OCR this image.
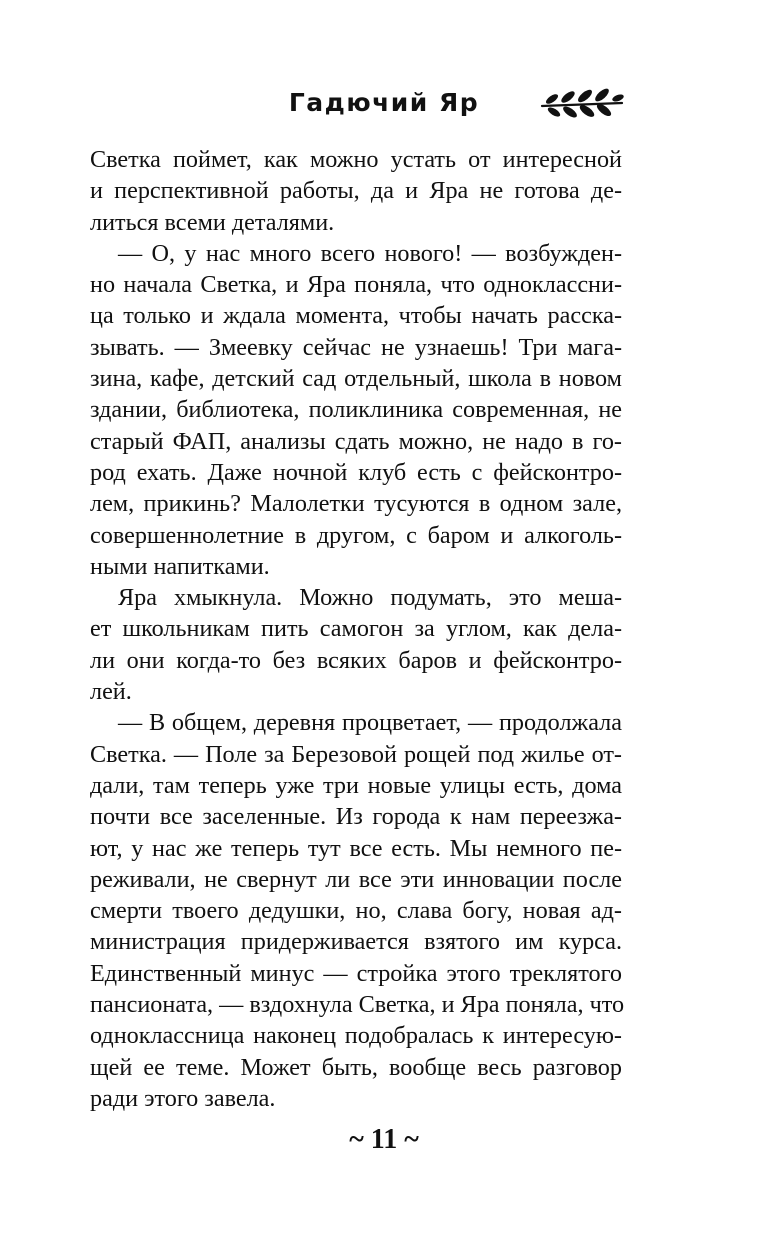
Гадючий Яр
Светка поймет, как можно устать от интересной
и перспективной работы, да и Яра не готова де-
литься всеми деталями.
— О, у нас много всего нового! — возбужден-
но начала Светка, и Яра поняла, что одноклассни-
ца только и ждала момента, чтобы начать расска-
зывать. — Змеевку сейчас не узнаешь! Три мага-
зина, кафе, детский сад отдельный, школа в новом
здании, библиотека, поликлиника современная, не
старый ФАП, анализы сдать можно, не надо в го-
род ехать. Даже ночной клуб есть с фейсконтро-
лем, прикинь? Малолетки тусуются в одном зале,
совершеннолетние в другом, с баром и алкоголь-
ными напитками.
Яра хмыкнула. Можно подумать, это меша-
ет школьникам пить самогон за углом, как дела-
ли они когда-то без всяких баров и фейсконтро-
лей.
— В общем, деревня процветает, — продолжала
Светка. — Поле за Березовой рощей под жилье от-
дали, там теперь уже три новые улицы есть, дома
почти все заселенные. Из города к нам переезжа-
ют, у нас же теперь тут все есть. Мы немного пе-
реживали, не свернут ли все эти инновации после
смерти твоего дедушки, но, слава богу, новая ад-
министрация придерживается взятого им курса.
Единственный минус — стройка этого треклятого
пансионата, — вздохнула Светка, и Яра поняла, что
одноклассница наконец подобралась к интересую-
щей ее теме. Может быть, вообще весь разговор
ради этого завела.
~ 11 ~
